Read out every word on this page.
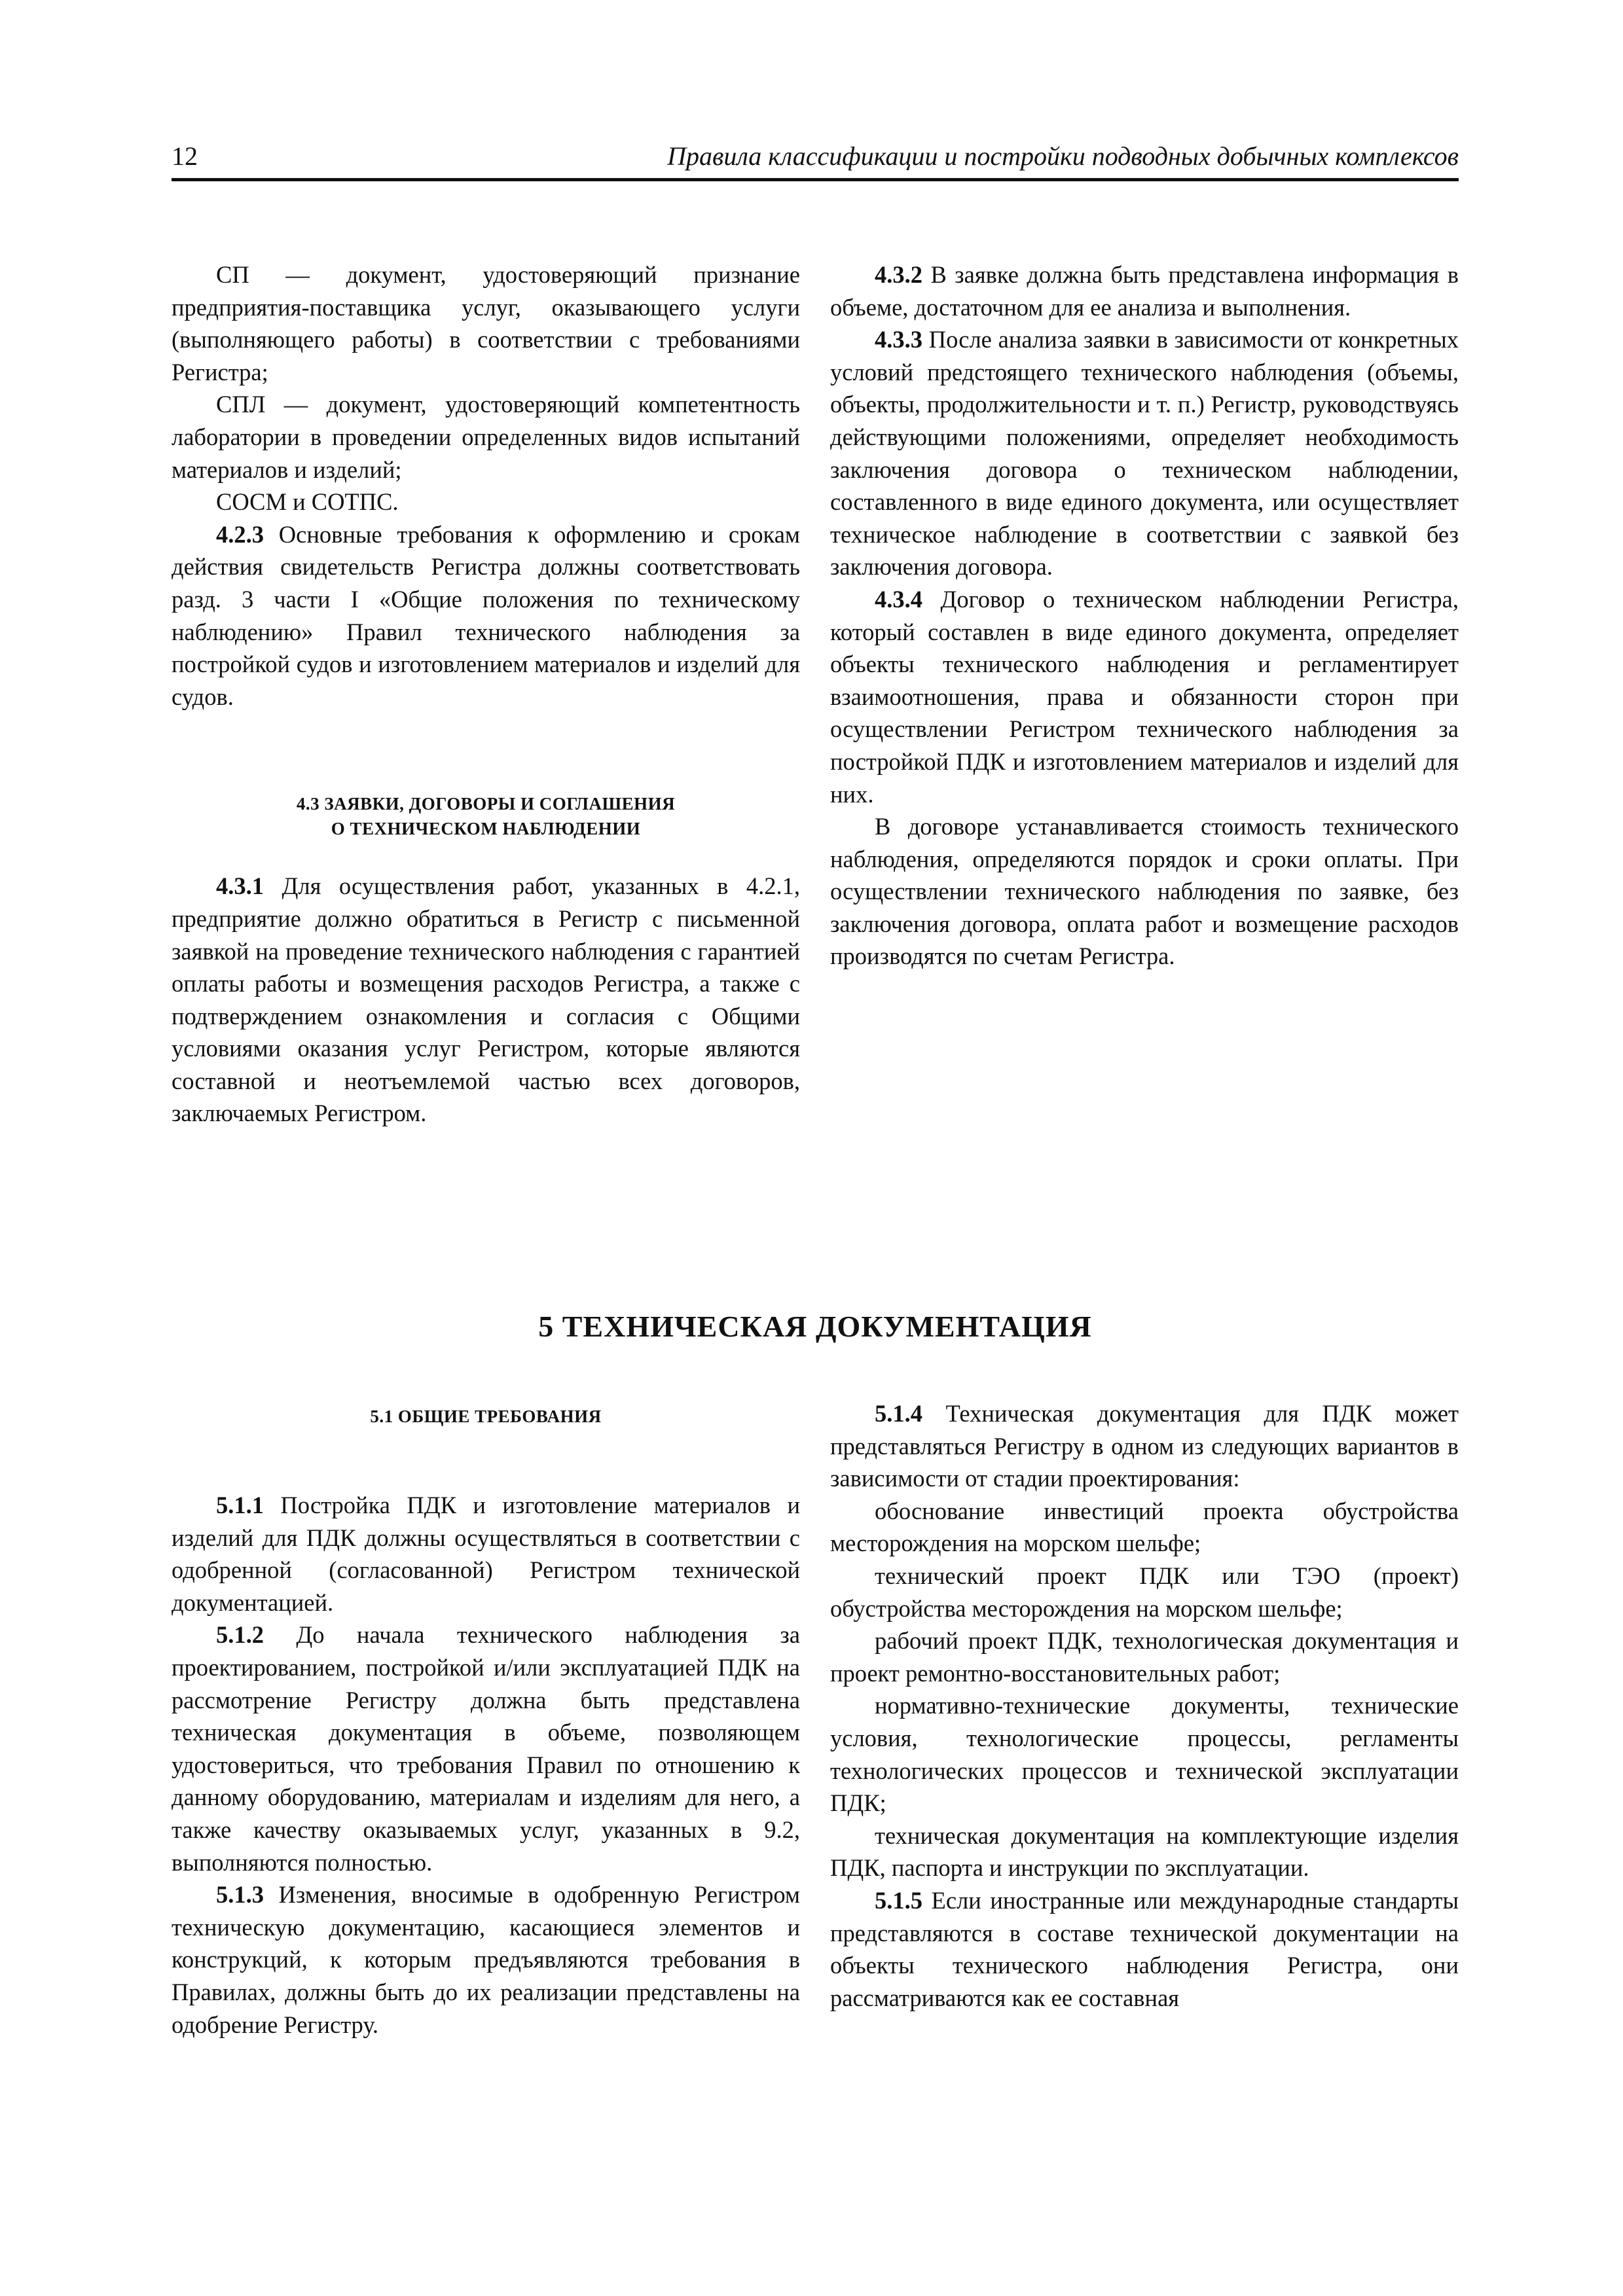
12	Правила классификации и постройки подводных добычных комплексов

СП — документ, удостоверяющий признание предприятия-поставщика услуг, оказывающего услуги (выполняющего работы) в соответствии с требованиями Регистра;

СПЛ — документ, удостоверяющий компетентность лаборатории в проведении определенных видов испытаний материалов и изделий;

СОСМ и СОТПС.

4.2.3 Основные требования к оформлению и срокам действия свидетельств Регистра должны соответствовать разд. 3 части I «Общие положения по техническому наблюдению» Правил технического наблюдения за постройкой судов и изготовлением материалов и изделий для судов.

4.3 ЗАЯВКИ, ДОГОВОРЫ И СОГЛАШЕНИЯ
О ТЕХНИЧЕСКОМ НАБЛЮДЕНИИ

4.3.1 Для осуществления работ, указанных в 4.2.1, предприятие должно обратиться в Регистр с письменной заявкой на проведение технического наблюдения с гарантией оплаты работы и возмещения расходов Регистра, а также с подтверждением ознакомления и согласия с Общими условиями оказания услуг Регистром, которые являются составной и неотъемлемой частью всех договоров, заключаемых Регистром.

4.3.2 В заявке должна быть представлена информация в объеме, достаточном для ее анализа и выполнения.

4.3.3 После анализа заявки в зависимости от конкретных условий предстоящего технического наблюдения (объемы, объекты, продолжительности и т. п.) Регистр, руководствуясь действующими положениями, определяет необходимость заключения договора о техническом наблюдении, составленного в виде единого документа, или осуществляет техническое наблюдение в соответствии с заявкой без заключения договора.

4.3.4 Договор о техническом наблюдении Регистра, который составлен в виде единого документа, определяет объекты технического наблюдения и регламентирует взаимоотношения, права и обязанности сторон при осуществлении Регистром технического наблюдения за постройкой ПДК и изготовлением материалов и изделий для них.

В договоре устанавливается стоимость технического наблюдения, определяются порядок и сроки оплаты. При осуществлении технического наблюдения по заявке, без заключения договора, оплата работ и возмещение расходов производятся по счетам Регистра.

5 ТЕХНИЧЕСКАЯ ДОКУМЕНТАЦИЯ
5.1 ОБЩИЕ ТРЕБОВАНИЯ

5.1.1 Постройка ПДК и изготовление материалов и изделий для ПДК должны осуществляться в соответствии с одобренной (согласованной) Регистром технической документацией.

5.1.2 До начала технического наблюдения за проектированием, постройкой и/или эксплуатацией ПДК на рассмотрение Регистру должна быть представлена техническая документация в объеме, позволяющем удостовериться, что требования Правил по отношению к данному оборудованию, материалам и изделиям для него, а также качеству оказываемых услуг, указанных в 9.2, выполняются полностью.

5.1.3 Изменения, вносимые в одобренную Регистром техническую документацию, касающиеся элементов и конструкций, к которым предъявляются требования в Правилах, должны быть до их реализации представлены на одобрение Регистру.

5.1.4 Техническая документация для ПДК может представляться Регистру в одном из следующих вариантов в зависимости от стадии проектирования:

обоснование инвестиций проекта обустройства месторождения на морском шельфе;

технический проект ПДК или ТЭО (проект) обустройства месторождения на морском шельфе;

рабочий проект ПДК, технологическая документация и проект ремонтно-восстановительных работ;

нормативно-технические документы, технические условия, технологические процессы, регламенты технологических процессов и технической эксплуатации ПДК;

техническая документация на комплектующие изделия ПДК, паспорта и инструкции по эксплуатации.

5.1.5 Если иностранные или международные стандарты представляются в составе технической документации на объекты технического наблюдения Регистра, они рассматриваются как ее составная
